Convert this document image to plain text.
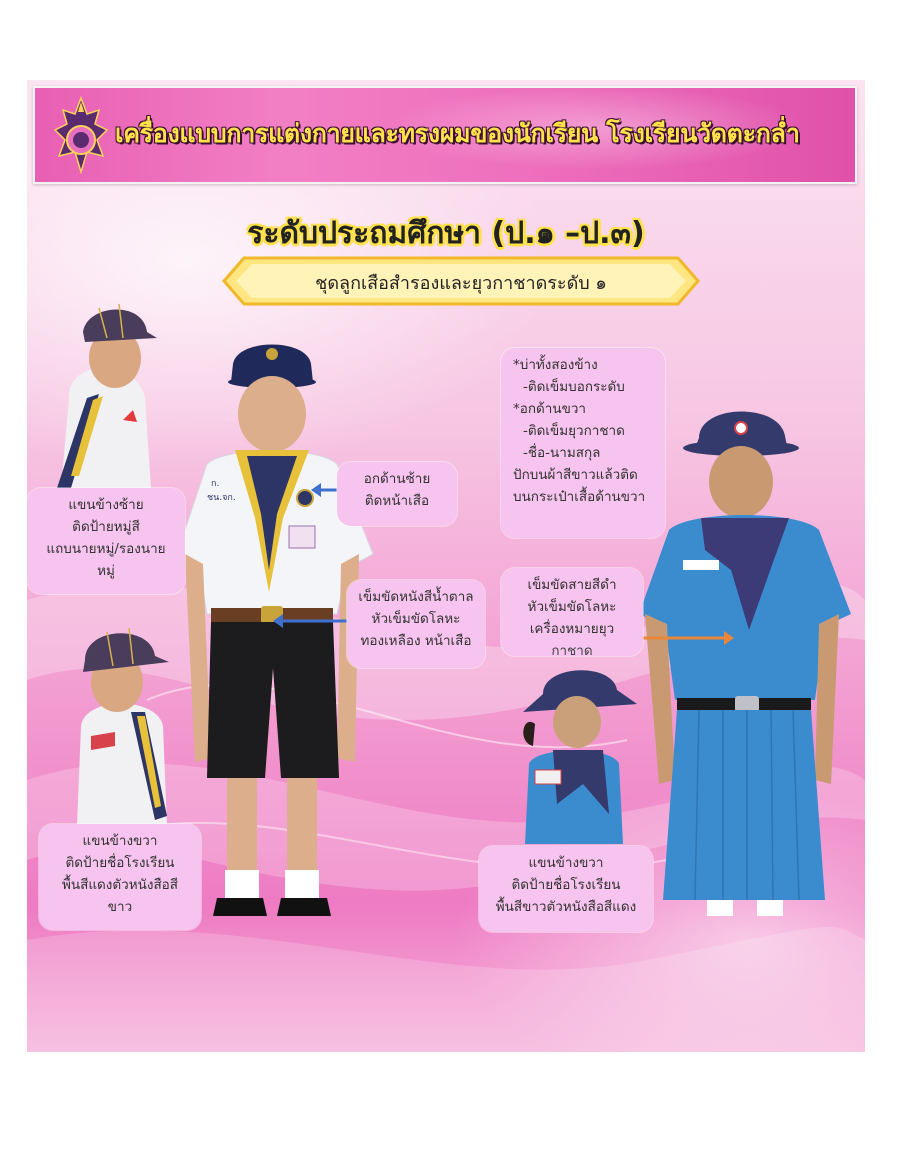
เครื่องแบบการแต่งกายและทรงผมของนักเรียน โรงเรียนวัดตะกล่ำ
ระดับประถมศึกษา (ป.๑ –ป.๓)
ชุดลูกเสือสำรองและยุวกาชาดระดับ ๑
ก.
ชน.จก.
แขนข้างซ้าย
ติดป้ายหมู่สี
แถบนายหมู่/รองนาย
หมู่
แขนข้างขวา
ติดป้ายชื่อโรงเรียน
พื้นสีแดงตัวหนังสือสี
ขาว
อกด้านซ้าย
ติดหน้าเสือ
เข็มขัดหนังสีน้ำตาล
หัวเข็มขัดโลหะ
ทองเหลือง หน้าเสือ
*บ่าทั้งสองข้าง
-ติดเข็มบอกระดับ
*อกด้านขวา
-ติดเข็มยุวกาชาด
-ชื่อ-นามสกุล
ปักบนผ้าสีขาวแล้วติด
บนกระเป๋าเสื้อด้านขวา
เข็มขัดสายสีดำ
หัวเข็มขัดโลหะ
เครื่องหมายยุว
กาชาด
แขนข้างขวา
ติดป้ายชื่อโรงเรียน
พื้นสีขาวตัวหนังสือสีแดง
